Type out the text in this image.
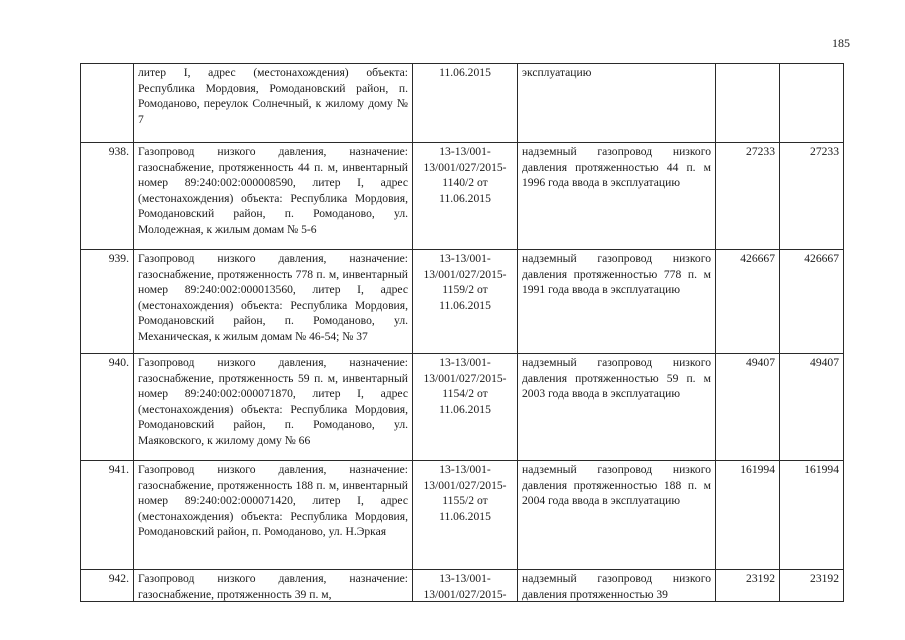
185
	литер I, адрес (местонахождения) объекта: Республика Мордовия, Ромодановский район, п. Ромоданово, переулок Солнечный, к жилому дому № 7	11.06.2015	эксплуатацию		
938.	Газопровод низкого давления, назначение: газоснабжение, протяженность 44 п. м, инвентарный номер 89:240:002:000008590, литер I, адрес (местонахождения) объекта: Республика Мордовия, Ромодановский район, п. Ромоданово, ул. Молодежная, к жилым домам № 5-6	13-13/001-13/001/027/2015-1140/2 от 11.06.2015	надземный газопровод низкого давления протяженностью 44 п. м 1996 года ввода в эксплуатацию	27233	27233
939.	Газопровод низкого давления, назначение: газоснабжение, протяженность 778 п. м, инвентарный номер 89:240:002:000013560, литер I, адрес (местонахождения) объекта: Республика Мордовия, Ромодановский район, п. Ромоданово, ул. Механическая, к жилым домам № 46-54; № 37	13-13/001-13/001/027/2015-1159/2 от 11.06.2015	надземный газопровод низкого давления протяженностью 778 п. м 1991 года ввода в эксплуатацию	426667	426667
940.	Газопровод низкого давления, назначение: газоснабжение, протяженность 59 п. м, инвентарный номер 89:240:002:000071870, литер I, адрес (местонахождения) объекта: Республика Мордовия, Ромодановский район, п. Ромоданово, ул. Маяковского, к жилому дому № 66	13-13/001-13/001/027/2015-1154/2 от 11.06.2015	надземный газопровод низкого давления протяженностью 59 п. м 2003 года ввода в эксплуатацию	49407	49407
941.	Газопровод низкого давления, назначение: газоснабжение, протяженность 188 п. м, инвентарный номер 89:240:002:000071420, литер I, адрес (местонахождения) объекта: Республика Мордовия, Ромодановский район, п. Ромоданово, ул. Н.Эркая	13-13/001-13/001/027/2015-1155/2 от 11.06.2015	надземный газопровод низкого давления протяженностью 188 п. м 2004 года ввода в эксплуатацию	161994	161994
942.	Газопровод низкого давления, назначение: газоснабжение, протяженность 39 п. м,	13-13/001-13/001/027/2015-	надземный газопровод низкого давления протяженностью 39	23192	23192
